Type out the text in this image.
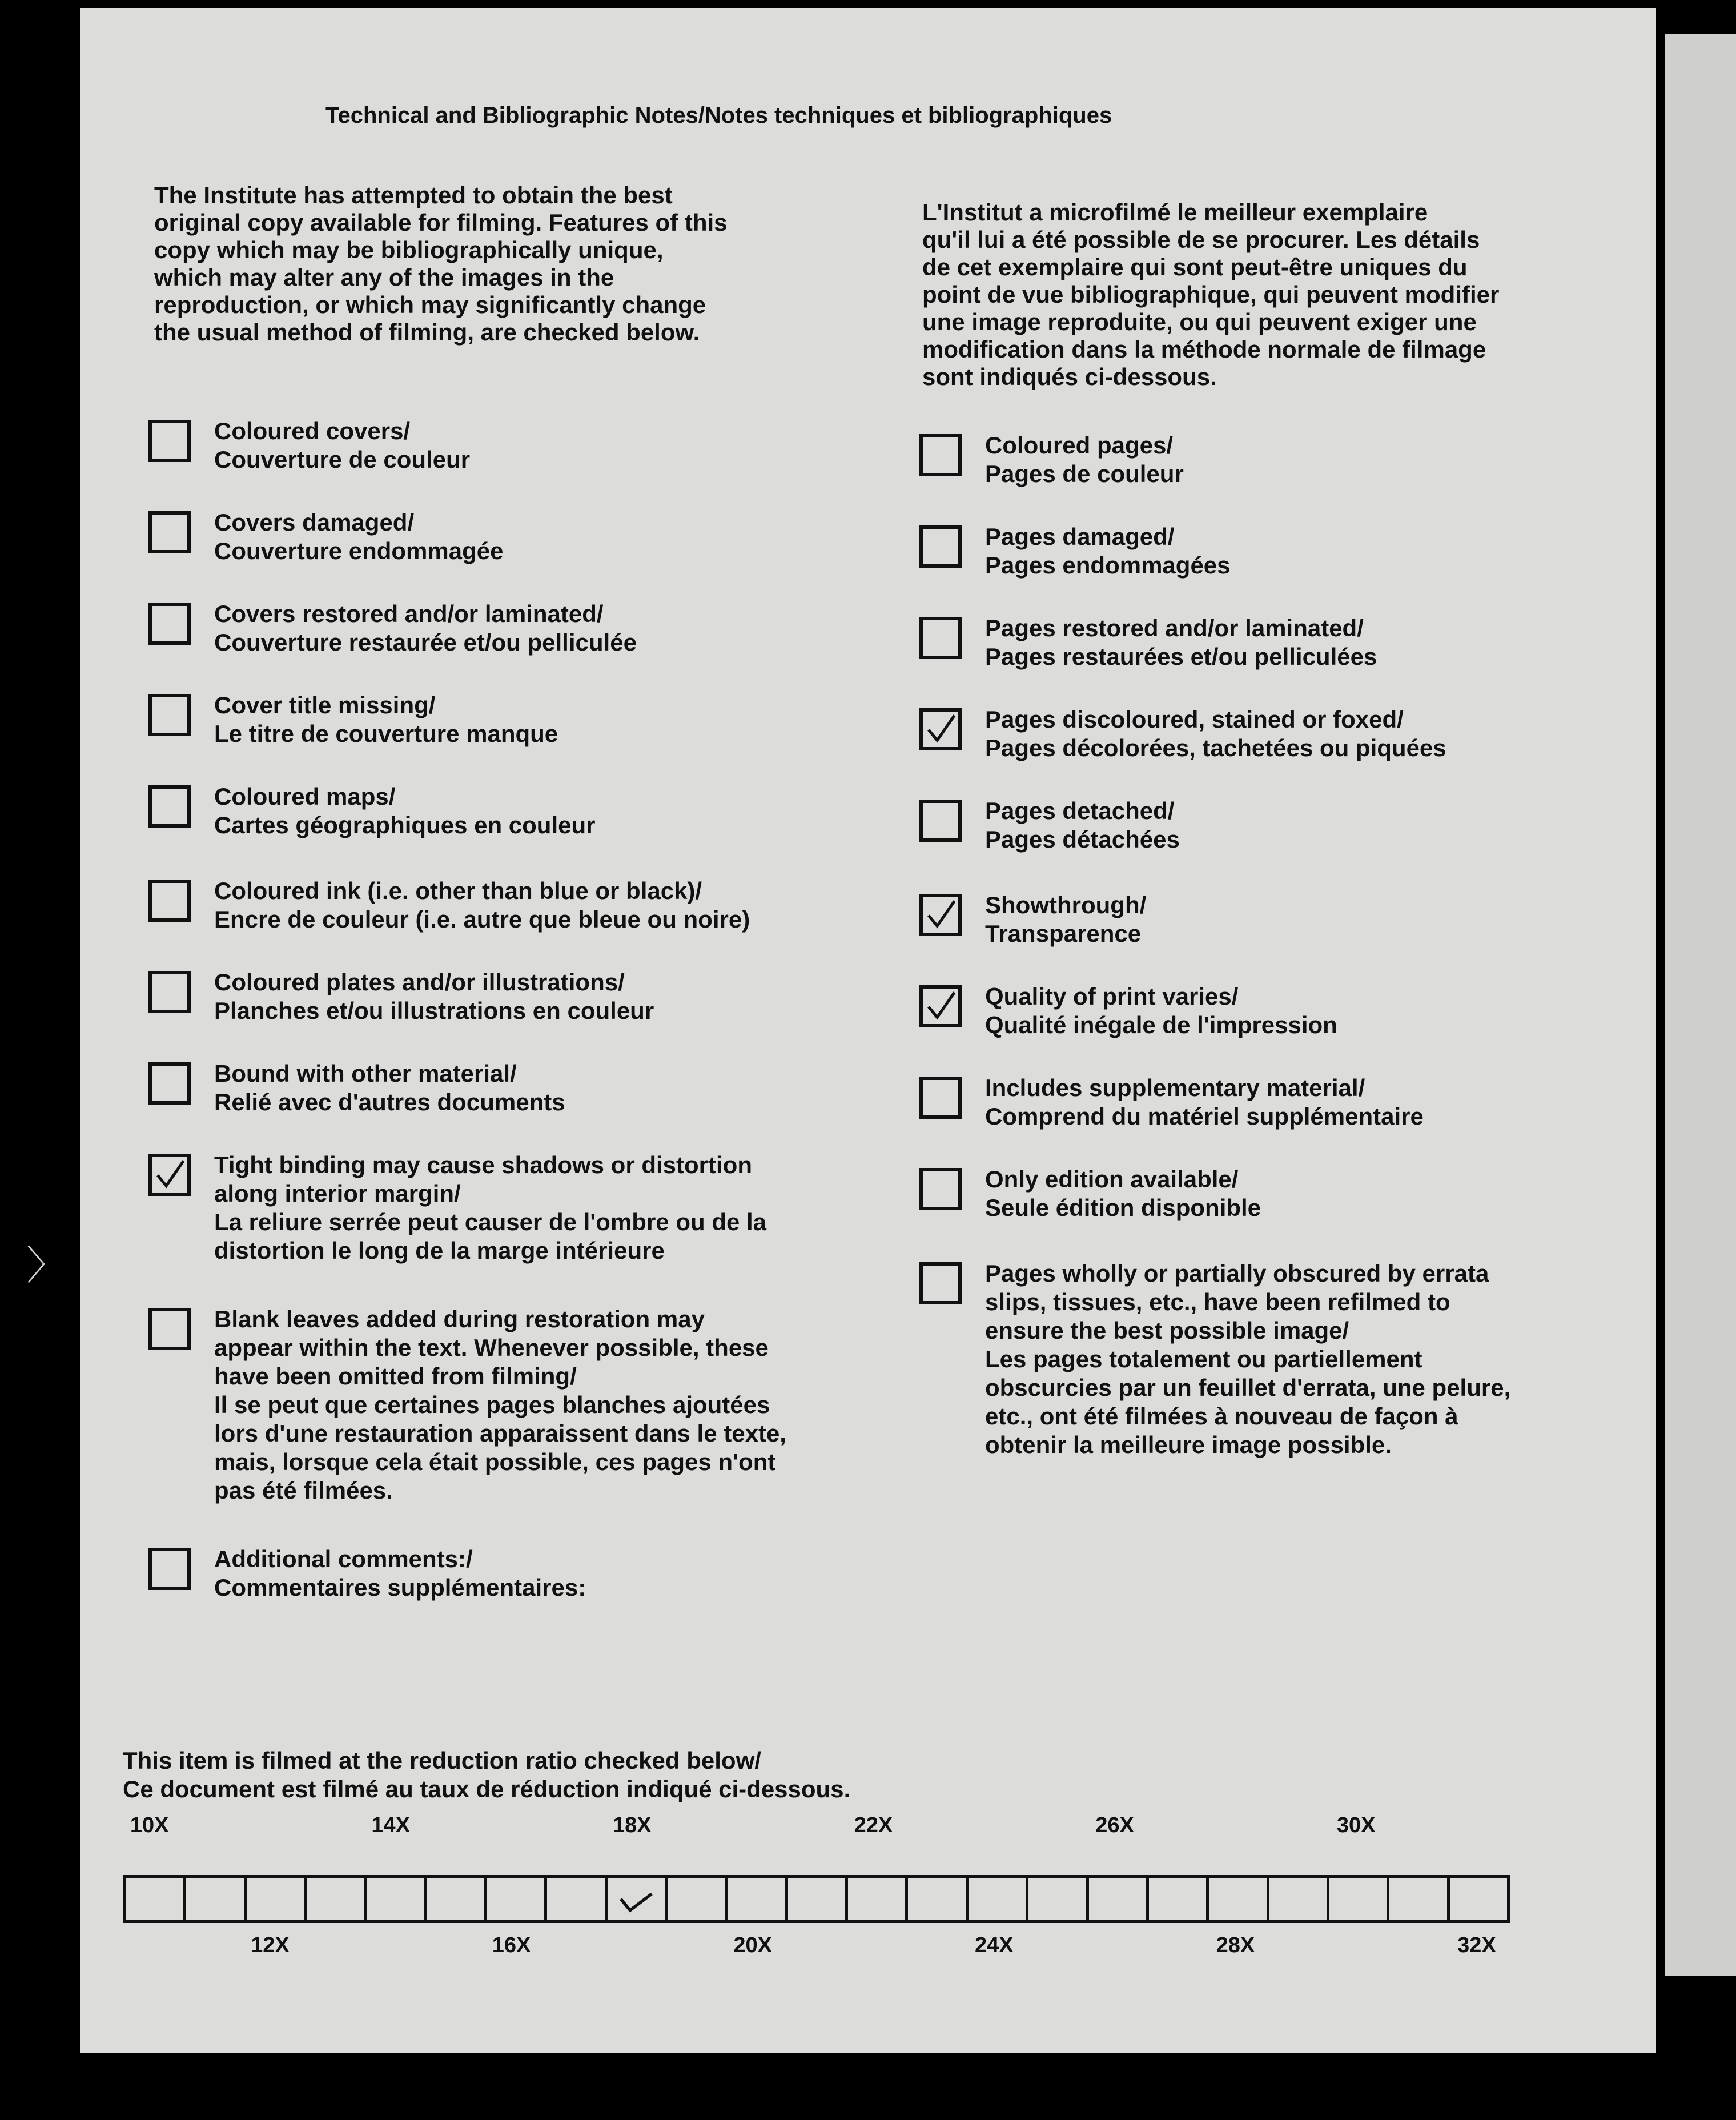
〉
Technical and Bibliographic Notes/Notes techniques et bibliographiques
The Institute has attempted to obtain the best
original copy available for filming. Features of this
copy which may be bibliographically unique,
which may alter any of the images in the
reproduction, or which may significantly change
the usual method of filming, are checked below.
L'Institut a microfilmé le meilleur exemplaire
qu'il lui a été possible de se procurer. Les détails
de cet exemplaire qui sont peut-être uniques du
point de vue bibliographique, qui peuvent modifier
une image reproduite, ou qui peuvent exiger une
modification dans la méthode normale de filmage
sont indiqués ci-dessous.
Coloured covers/
Couverture de couleur
Covers damaged/
Couverture endommagée
Covers restored and/or laminated/
Couverture restaurée et/ou pelliculée
Cover title missing/
Le titre de couverture manque
Coloured maps/
Cartes géographiques en couleur
Coloured ink (i.e. other than blue or black)/
Encre de couleur (i.e. autre que bleue ou noire)
Coloured plates and/or illustrations/
Planches et/ou illustrations en couleur
Bound with other material/
Relié avec d'autres documents
Tight binding may cause shadows or distortion
along interior margin/
La reliure serrée peut causer de l'ombre ou de la
distortion le long de la marge intérieure
Blank leaves added during restoration may
appear within the text. Whenever possible, these
have been omitted from filming/
Il se peut que certaines pages blanches ajoutées
lors d'une restauration apparaissent dans le texte,
mais, lorsque cela était possible, ces pages n'ont
pas été filmées.
Additional comments:/
Commentaires supplémentaires:
Coloured pages/
Pages de couleur
Pages damaged/
Pages endommagées
Pages restored and/or laminated/
Pages restaurées et/ou pelliculées
Pages discoloured, stained or foxed/
Pages décolorées, tachetées ou piquées
Pages detached/
Pages détachées
Showthrough/
Transparence
Quality of print varies/
Qualité inégale de l'impression
Includes supplementary material/
Comprend du matériel supplémentaire
Only edition available/
Seule édition disponible
Pages wholly or partially obscured by errata
slips, tissues, etc., have been refilmed to
ensure the best possible image/
Les pages totalement ou partiellement
obscurcies par un feuillet d'errata, une pelure,
etc., ont été filmées à nouveau de façon à
obtenir la meilleure image possible.
This item is filmed at the reduction ratio checked below/
Ce document est filmé au taux de réduction indiqué ci-dessous.
10X	14X	18X	22X	26X	30X
12X	16X	20X	24X	28X	32X
